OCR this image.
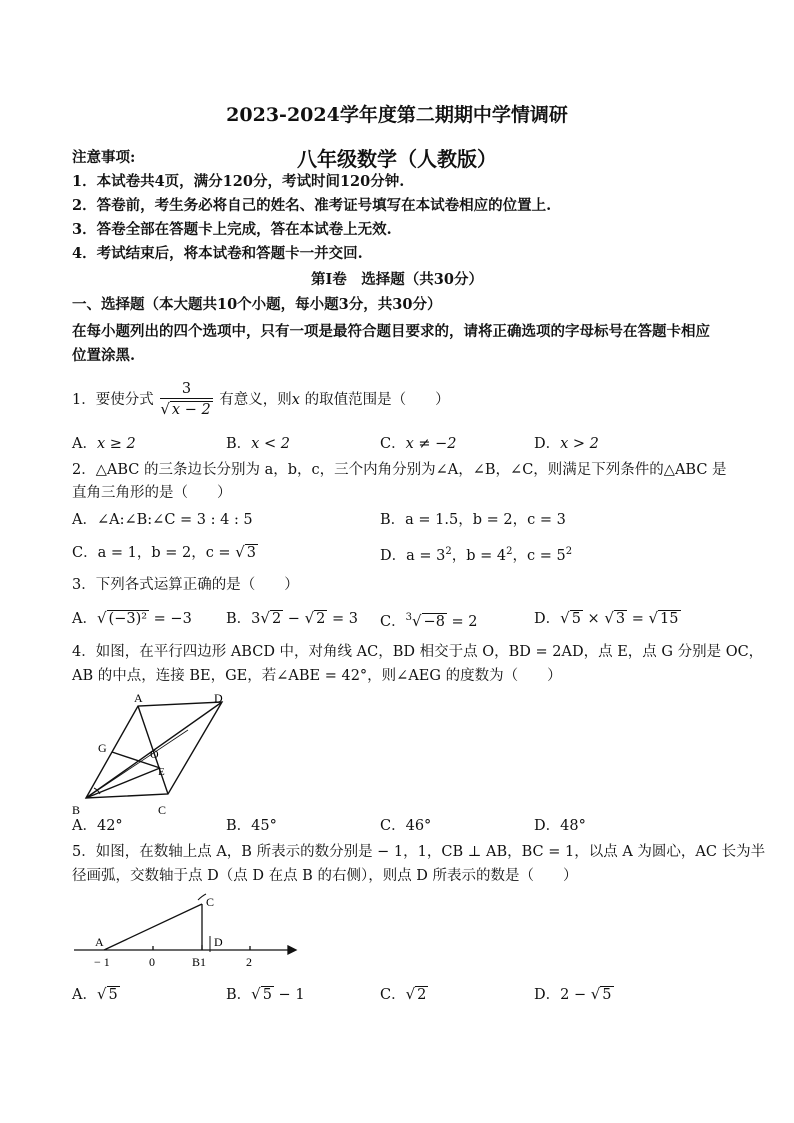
2023-2024学年度第二期期中学情调研
八年级数学（人教版）
注意事项:
1．本试卷共4页，满分120分，考试时间120分钟.
2．答卷前，考生务必将自己的姓名、准考证号填写在本试卷相应的位置上.
3．答卷全部在答题卡上完成，答在本试卷上无效.
4．考试结束后，将本试卷和答题卡一并交回.
第Ⅰ卷　选择题（共30分）
一、选择题（本大题共10个小题，每小题3分，共30分）
在每小题列出的四个选项中，只有一项是最符合题目要求的，请将正确选项的字母标号在答题卡相应位置涂黑.
1．要使分式 $\frac{3}{√ x - 2}$ 有意义，则x 的取值范围是（　　）
A．x ≥ 2	B．x < 2	C．x ≠ −2	D．x > 2
2．△ABC 的三条边长分别为 a，b，c，三个内角分别为∠A，∠B，∠C，则满足下列条件的△ABC 是
直角三角形的是（　　）
A．∠A:∠B:∠C = 3 : 4 : 5	B．a = 1.5，b = 2，c = 3
C．a = 1，b = 2，c = √ 3	D．$a = 3^2$，$b = 4^2$，$c = 5^2$
3．下列各式运算正确的是（　　）
A．√ (−3)² = −3 B．3√ 2 − √ 2 = 3 C．$^3$√ −8 = 2	D．√ 5 × √ 3 = √ 15
4．如图，在平行四边形 ABCD 中，对角线 AC，BD 相交于点 O，BD = 2AD，点 E，点 G 分别是 OC，
AB 的中点，连接 BE，GE，若∠ABE = 42°，则∠AEG 的度数为（　　）
A
B	C
D
G	O
E
A．42°	B．45°	C．46°	D．48°
5．如图，在数轴上点 A，B 所表示的数分别是 − 1，1，CB ⊥ AB，BC = 1，以点 A 为圆心，AC 长为半
径画弧，交数轴于点 D（点 D 在点 B 的右侧），则点 D 所表示的数是（　　）
A
C
D
− 1	0	B1	2
A．√ 5	B．√ 5 − 1	C．√ 2	D．2 − √ 5
